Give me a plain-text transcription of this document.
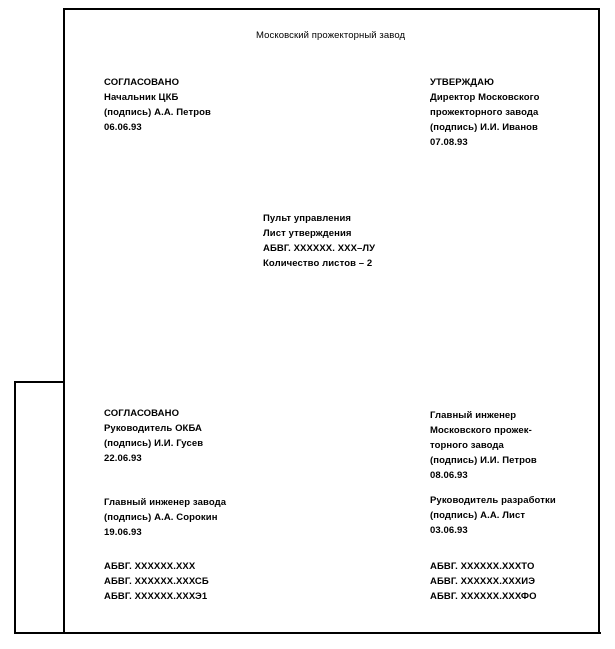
Московский прожекторный завод
СОГЛАСОВАНО
Начальник ЦКБ
(подпись) А.А. Петров
06.06.93
УТВЕРЖДАЮ
Директор Московского
прожекторного завода
(подпись) И.И. Иванов
07.08.93
Пульт управления
Лист утверждения
АБВГ. ХХХХХХ. ХХХ–ЛУ
Количество листов – 2
СОГЛАСОВАНО
Руководитель ОКБА
(подпись) И.И. Гусев
22.06.93
Главный инженер завода
(подпись) А.А. Сорокин
19.06.93
Главный инженер
Московского прожек-
торного завода
(подпись) И.И. Петров
08.06.93
Руководитель разработки
(подпись) А.А. Лист
03.06.93
АБВГ. ХХХХХХ.ХХХ
АБВГ. ХХХХХХ.ХХХСБ
АБВГ. ХХХХХХ.ХХХЭ1
АБВГ. ХХХХХХ.ХХХТО
АБВГ. ХХХХХХ.ХХХИЭ
АБВГ. ХХХХХХ.ХХХФО
